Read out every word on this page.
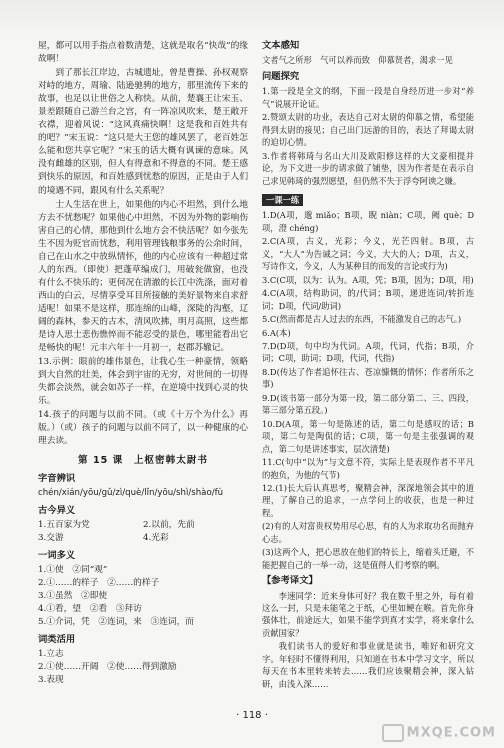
屋，都可以用手指点着数清楚，这就是取名“快哉”的缘故啊！

到了那长江岸边，古城遗址，曾是曹操、孙权观察对峙的地方，周瑜、陆逊驰骋的地方，那里流传下来的故事，也足以让世俗之人称快。从前，楚襄王让宋玉、景差跟随自己游兰台之宫，有一阵凉风吹来，楚王敞开衣襟，迎着风说：“这风真痛快啊！这是我和百姓共有的吧？”宋玉说：“这只是大王您的雄风罢了，老百姓怎么能和您共享它呢？”宋玉的话大概有讽谏的意味。风没有雌雄的区别，但人有得意和不得意的不同。楚王感到快乐的原因，和百姓感到忧愁的原因，正是由于人们的境遇不同，跟风有什么关系呢？

士人生活在世上，如果他的内心不坦然，到什么地方去不忧愁呢？如果他心中坦然，不因为外物的影响伤害自己的心情，那他到什么地方会不快活呢？如今张先生不因为贬官而忧愁，利用管理钱粮事务的公余时间，自己在山水之中放纵情怀，他的内心应该有一种超过常人的东西。（即使）把蓬草编成门，用破瓮做窗，也没有什么不快乐的；更何况在清澈的长江中洗涤，面对着西山的白云，尽情享受耳目所接触的美好景物来自求舒适呢！如果不是这样，那连绵的山峰，深陡的沟壑，辽阔的森林，参天的古木，清风吹拂，明月高照，这些都是诗人思士悲伤憔悴而不能忍受的景色，哪里能看出它是畅快的呢！元丰六年十一月初一，赵郡苏辙记。

13.示例：眼前的雄伟景色，让我心生一种豪情，领略到大自然的壮美，体会到宇宙的无穷，对世间的一切得失都会淡然，就会如苏子一样，在逆境中找到心灵的快乐。

14.孩子的问题与以前不同。（或《十万个为什么》再版。）（或）孩子的问题与以前不同了，以一种健康的心理去读。

第 15 课　上枢密韩太尉书
字音辨识
chén/xián/yōu/gǔ/zì/què/lǐn/yōu/shì/shào/fù
古今异义
1.五百家为党	2.以前，先前
3.交游	4.光彩
一词多义
1.①使　②同“观”
2.①……的样子　②……的样子
3.①虽然　②即使
4.①看，望　②看　③拜访
5.①介词，凭　②连词，来　③连词，而
词类活用
1.立志
2.①使……开阔　②使……得到激励
3.表现
文本感知
文者气之所形　气可以养而致　仰慕贤者，渴求一见
问题探究

1.第一段是全文的纲，下面一段是自身经历进一步对“养气”说展开论证。

2.赞颂太尉的功业，表达自己对太尉的仰慕之情，希望能得到太尉的接见；自己出门远游的目的，表达了拜谒太尉的迫切心情。

3.作者将韩琦与名山大川及欧阳修这样的大文豪相提并论，为下文进一步的请求做了铺垫，因为作者是在表示自己求见韩琦的强烈愿望，但仍然不失于浮夸阿谀之嫌。

一课一练

1.D(A项，邈 miǎo；B项，睨 niàn；C项，阙 què；D项，澄 chéng)

2.C(A项，古义，光彩；今义，光芒四射。B项，古义，“大人”为告诫之词；今义，大大的人；D项，古义，写诗作文，今义，人为某种目的而发的言论或行为)

3.C(C项，以为：认为。A项，凭；B项，因为；D项，用)

4.C(A项，结构助词，的/代词；B项，递进连词/转折连词；D项，代词/助词)

5.C(然而都是古人过去的东西，不能激发自己的志气。)

6.A(本)

7.D(D项，句中均为代词。A项，代词，代指；B项，介词；C项，助词；D项，代词，代指)

8.D(传达了作者追怀往古、苍凉慷慨的情怀；作者所乐之事)

9.D(该书第一部分为第一段，第二部分第二、三、四段，第三部分第五段。)

10.D(A项，第一句是陈述的话，第二句是感叹的话；B项，第二句是陶侃的话；C项，第一句是主张强调的观点，第二句是讲述事实，层次清楚)

11.C(句中“以为”与文意不符，实际上是表现作者不平凡的抱负，为他的气节)

12.(1)长大后认真思考，聚精会神，深深地领会其中的道理，了解自己的追求，一点学问上的收获，也是一种过程。

(2)有的人对富贵权势用尽心思，有的人为求取功名而抛弃心志。

(3)这两个人，把心思放在他们的特长上，缩着头迁避，不能把握自己的一举一动，这是值得人们考察的啊。

【参考译文】

李速同学：近来身体可好？我在数千里之外，每有着这么一封，只是未能笔之于纸，心里如鲠在喉。首先你身强体壮，前途远大，如果不能学到真才实学，将来拿什么贡献国家？

我们读书人的爱好和事业就是读书，唯好和研究文字。年轻时不懂得利用，只知道在书本中学习文字，所以每天在书本里转来转去……我们应该聚精会神，深入钻研，由浅入深……

· 118 ·
MXQE.COM
